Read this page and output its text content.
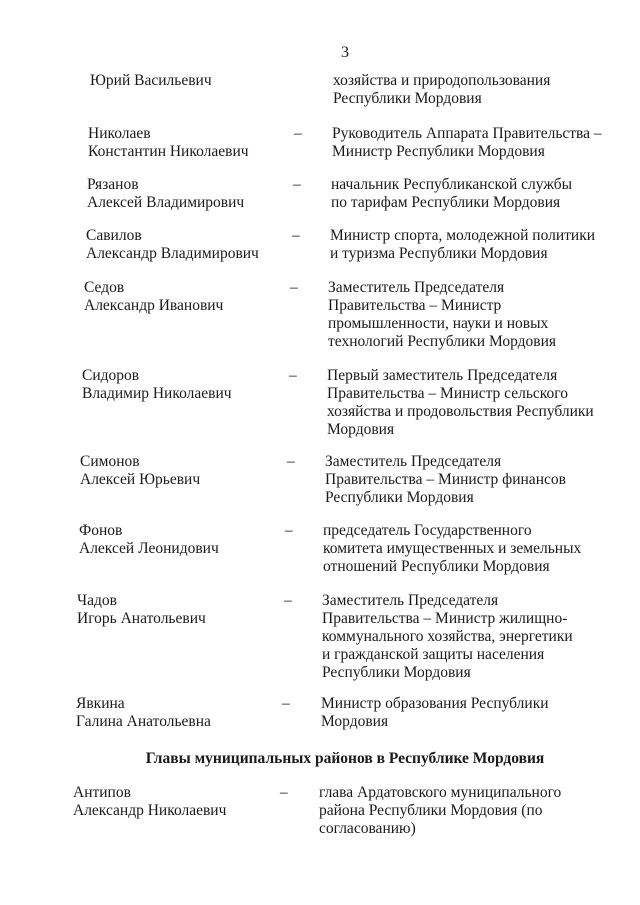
3
Юрий Васильевич	хозяйства и природопользования
Республики Мордовия
Николаев
Константин Николаевич
– Руководитель Аппарата Правительства –
Министр Республики Мордовия
Рязанов
Алексей Владимирович
– начальник Республиканской службы
по тарифам Республики Мордовия
Савилов
Александр Владимирович
– Министр спорта, молодежной политики
и туризма Республики Мордовия
Седов
Александр Иванович
– Заместитель Председателя
Правительства – Министр
промышленности, науки и новых
технологий Республики Мордовия
Сидоров
Владимир Николаевич
– Первый заместитель Председателя
Правительства – Министр сельского
хозяйства и продовольствия Республики
Мордовия
Симонов
Алексей Юрьевич
– Заместитель Председателя
Правительства – Министр финансов
Республики Мордовия
Фонов
Алексей Леонидович
– председатель Государственного
комитета имущественных и земельных
отношений Республики Мордовия
Чадов
Игорь Анатольевич
– Заместитель Председателя
Правительства – Министр жилищно-
коммунального хозяйства, энергетики
и гражданской защиты населения
Республики Мордовия
Явкина
Галина Анатольевна
– Министр образования Республики
Мордовия
Главы муниципальных районов в Республике Мордовия
Антипов
Александр Николаевич
– глава Ардатовского муниципального
района Республики Мордовия (по
согласованию)
